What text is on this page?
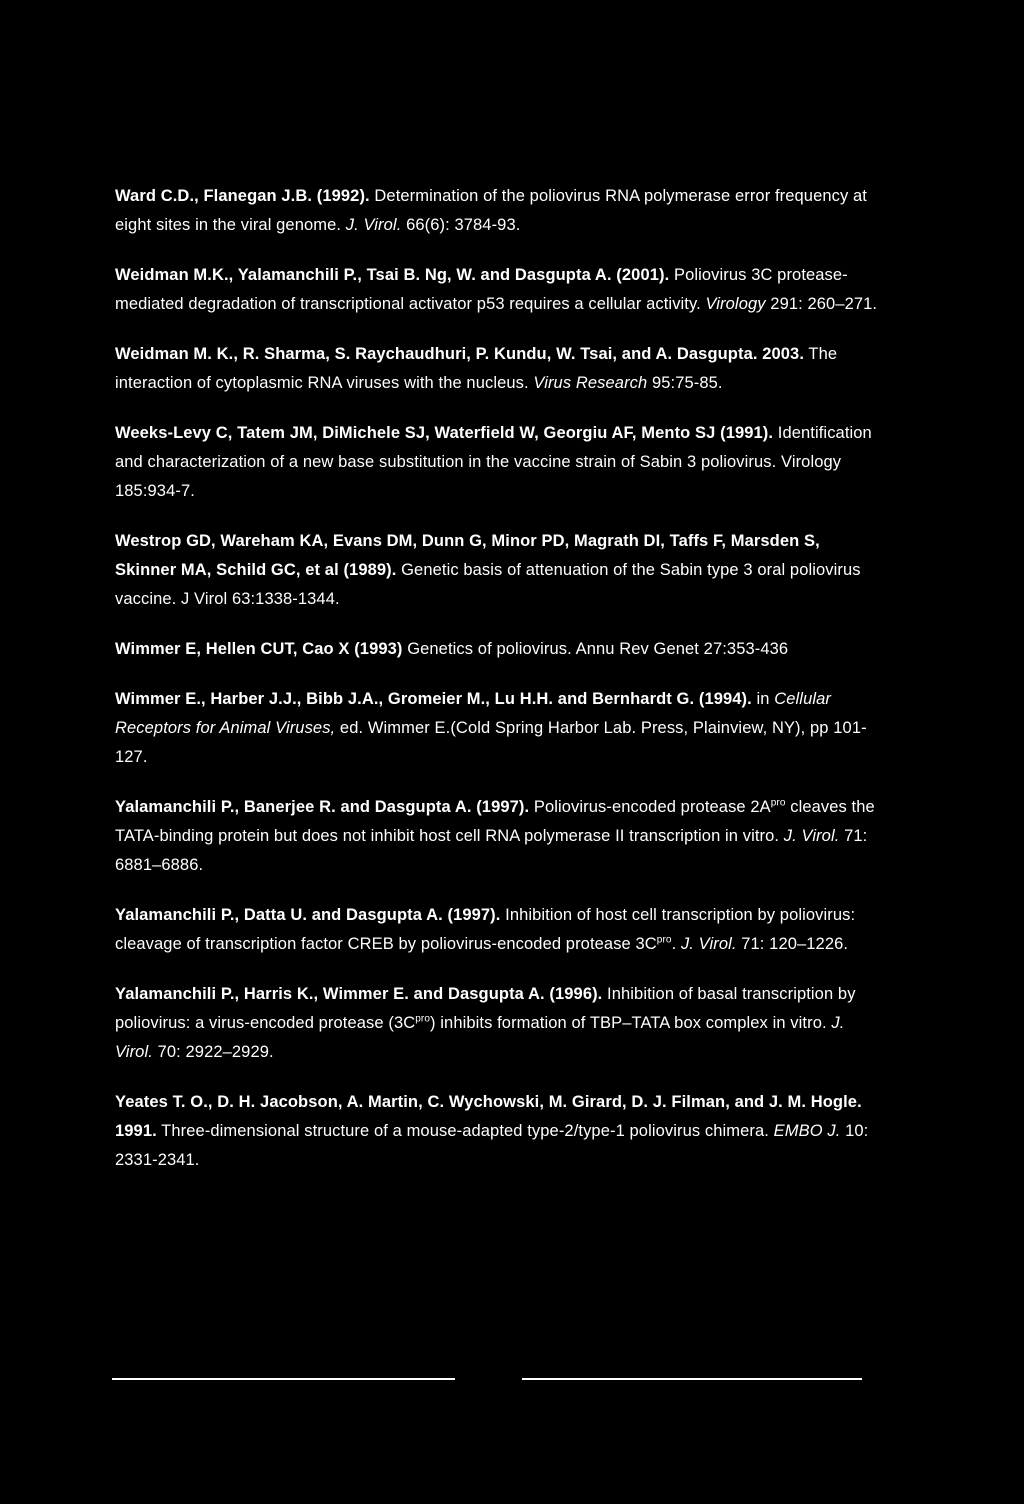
Ward C.D., Flanegan J.B. (1992). Determination of the poliovirus RNA polymerase error frequency at eight sites in the viral genome. J. Virol. 66(6): 3784-93.

Weidman M.K., Yalamanchili P., Tsai B. Ng, W. and Dasgupta A. (2001). Poliovirus 3C protease-mediated degradation of transcriptional activator p53 requires a cellular activity. Virology 291: 260–271.

Weidman M. K., R. Sharma, S. Raychaudhuri, P. Kundu, W. Tsai, and A. Dasgupta. 2003. The interaction of cytoplasmic RNA viruses with the nucleus. Virus Research 95:75-85.

Weeks-Levy C, Tatem JM, DiMichele SJ, Waterfield W, Georgiu AF, Mento SJ (1991). Identification and characterization of a new base substitution in the vaccine strain of Sabin 3 poliovirus. Virology 185:934-7.

Westrop GD, Wareham KA, Evans DM, Dunn G, Minor PD, Magrath DI, Taffs F, Marsden S, Skinner MA, Schild GC, et al (1989). Genetic basis of attenuation of the Sabin type 3 oral poliovirus vaccine. J Virol 63:1338-1344.

Wimmer E, Hellen CUT, Cao X (1993) Genetics of poliovirus. Annu Rev Genet 27:353-436

Wimmer E., Harber J.J., Bibb J.A., Gromeier M., Lu H.H. and Bernhardt G. (1994). in Cellular Receptors for Animal Viruses, ed. Wimmer E.(Cold Spring Harbor Lab. Press, Plainview, NY), pp 101-127.

Yalamanchili P., Banerjee R. and Dasgupta A. (1997). Poliovirus-encoded protease $2A^{pro}$ cleaves the TATA-binding protein but does not inhibit host cell RNA polymerase II transcription in vitro. J. Virol. 71: 6881–6886.

Yalamanchili P., Datta U. and Dasgupta A. (1997). Inhibition of host cell transcription by poliovirus: cleavage of transcription factor CREB by poliovirus-encoded protease $3C^{pro}$. J. Virol. 71: 120–1226.

Yalamanchili P., Harris K., Wimmer E. and Dasgupta A. (1996). Inhibition of basal transcription by poliovirus: a virus-encoded protease $(3C^{pro})$ inhibits formation of TBP–TATA box complex in vitro. J. Virol. 70: 2922–2929.

Yeates T. O., D. H. Jacobson, A. Martin, C. Wychowski, M. Girard, D. J. Filman, and J. M. Hogle. 1991. Three-dimensional structure of a mouse-adapted type-2/type-1 poliovirus chimera. EMBO J. 10: 2331-2341.
